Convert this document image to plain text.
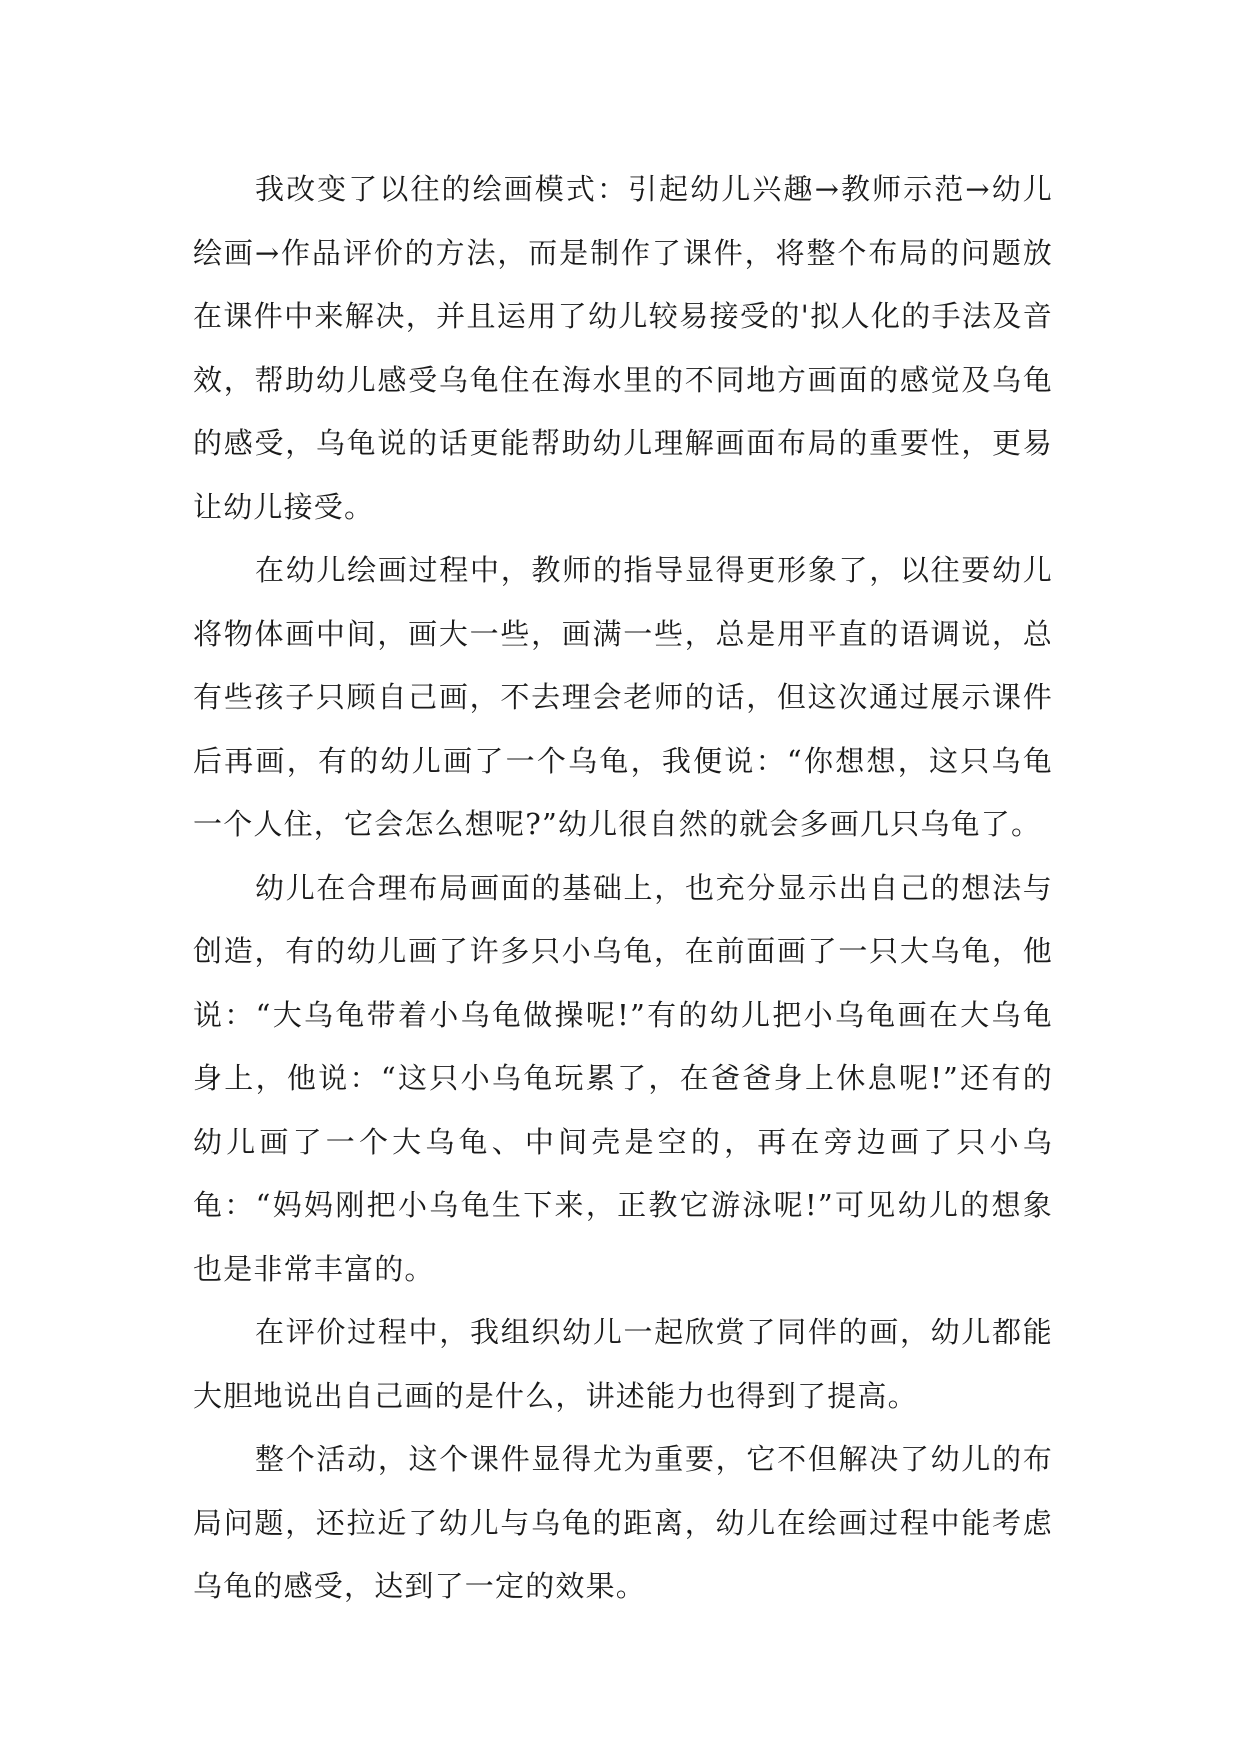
我改变了以往的绘画模式：引起幼儿兴趣→教师示范→幼儿绘画→作品评价的方法，而是制作了课件，将整个布局的问题放在课件中来解决，并且运用了幼儿较易接受的'拟人化的手法及音效，帮助幼儿感受乌龟住在海水里的不同地方画面的感觉及乌龟的感受，乌龟说的话更能帮助幼儿理解画面布局的重要性，更易让幼儿接受。

在幼儿绘画过程中，教师的指导显得更形象了，以往要幼儿将物体画中间，画大一些，画满一些，总是用平直的语调说，总有些孩子只顾自己画，不去理会老师的话，但这次通过展示课件后再画，有的幼儿画了一个乌龟，我便说：“你想想，这只乌龟一个人住，它会怎么想呢?”幼儿很自然的就会多画几只乌龟了。

幼儿在合理布局画面的基础上，也充分显示出自己的想法与创造，有的幼儿画了许多只小乌龟，在前面画了一只大乌龟，他说：“大乌龟带着小乌龟做操呢!”有的幼儿把小乌龟画在大乌龟身上，他说：“这只小乌龟玩累了，在爸爸身上休息呢!”还有的幼儿画了一个大乌龟、中间壳是空的，再在旁边画了只小乌龟：“妈妈刚把小乌龟生下来，正教它游泳呢!”可见幼儿的想象也是非常丰富的。

在评价过程中，我组织幼儿一起欣赏了同伴的画，幼儿都能大胆地说出自己画的是什么，讲述能力也得到了提高。

整个活动，这个课件显得尤为重要，它不但解决了幼儿的布局问题，还拉近了幼儿与乌龟的距离，幼儿在绘画过程中能考虑乌龟的感受，达到了一定的效果。
